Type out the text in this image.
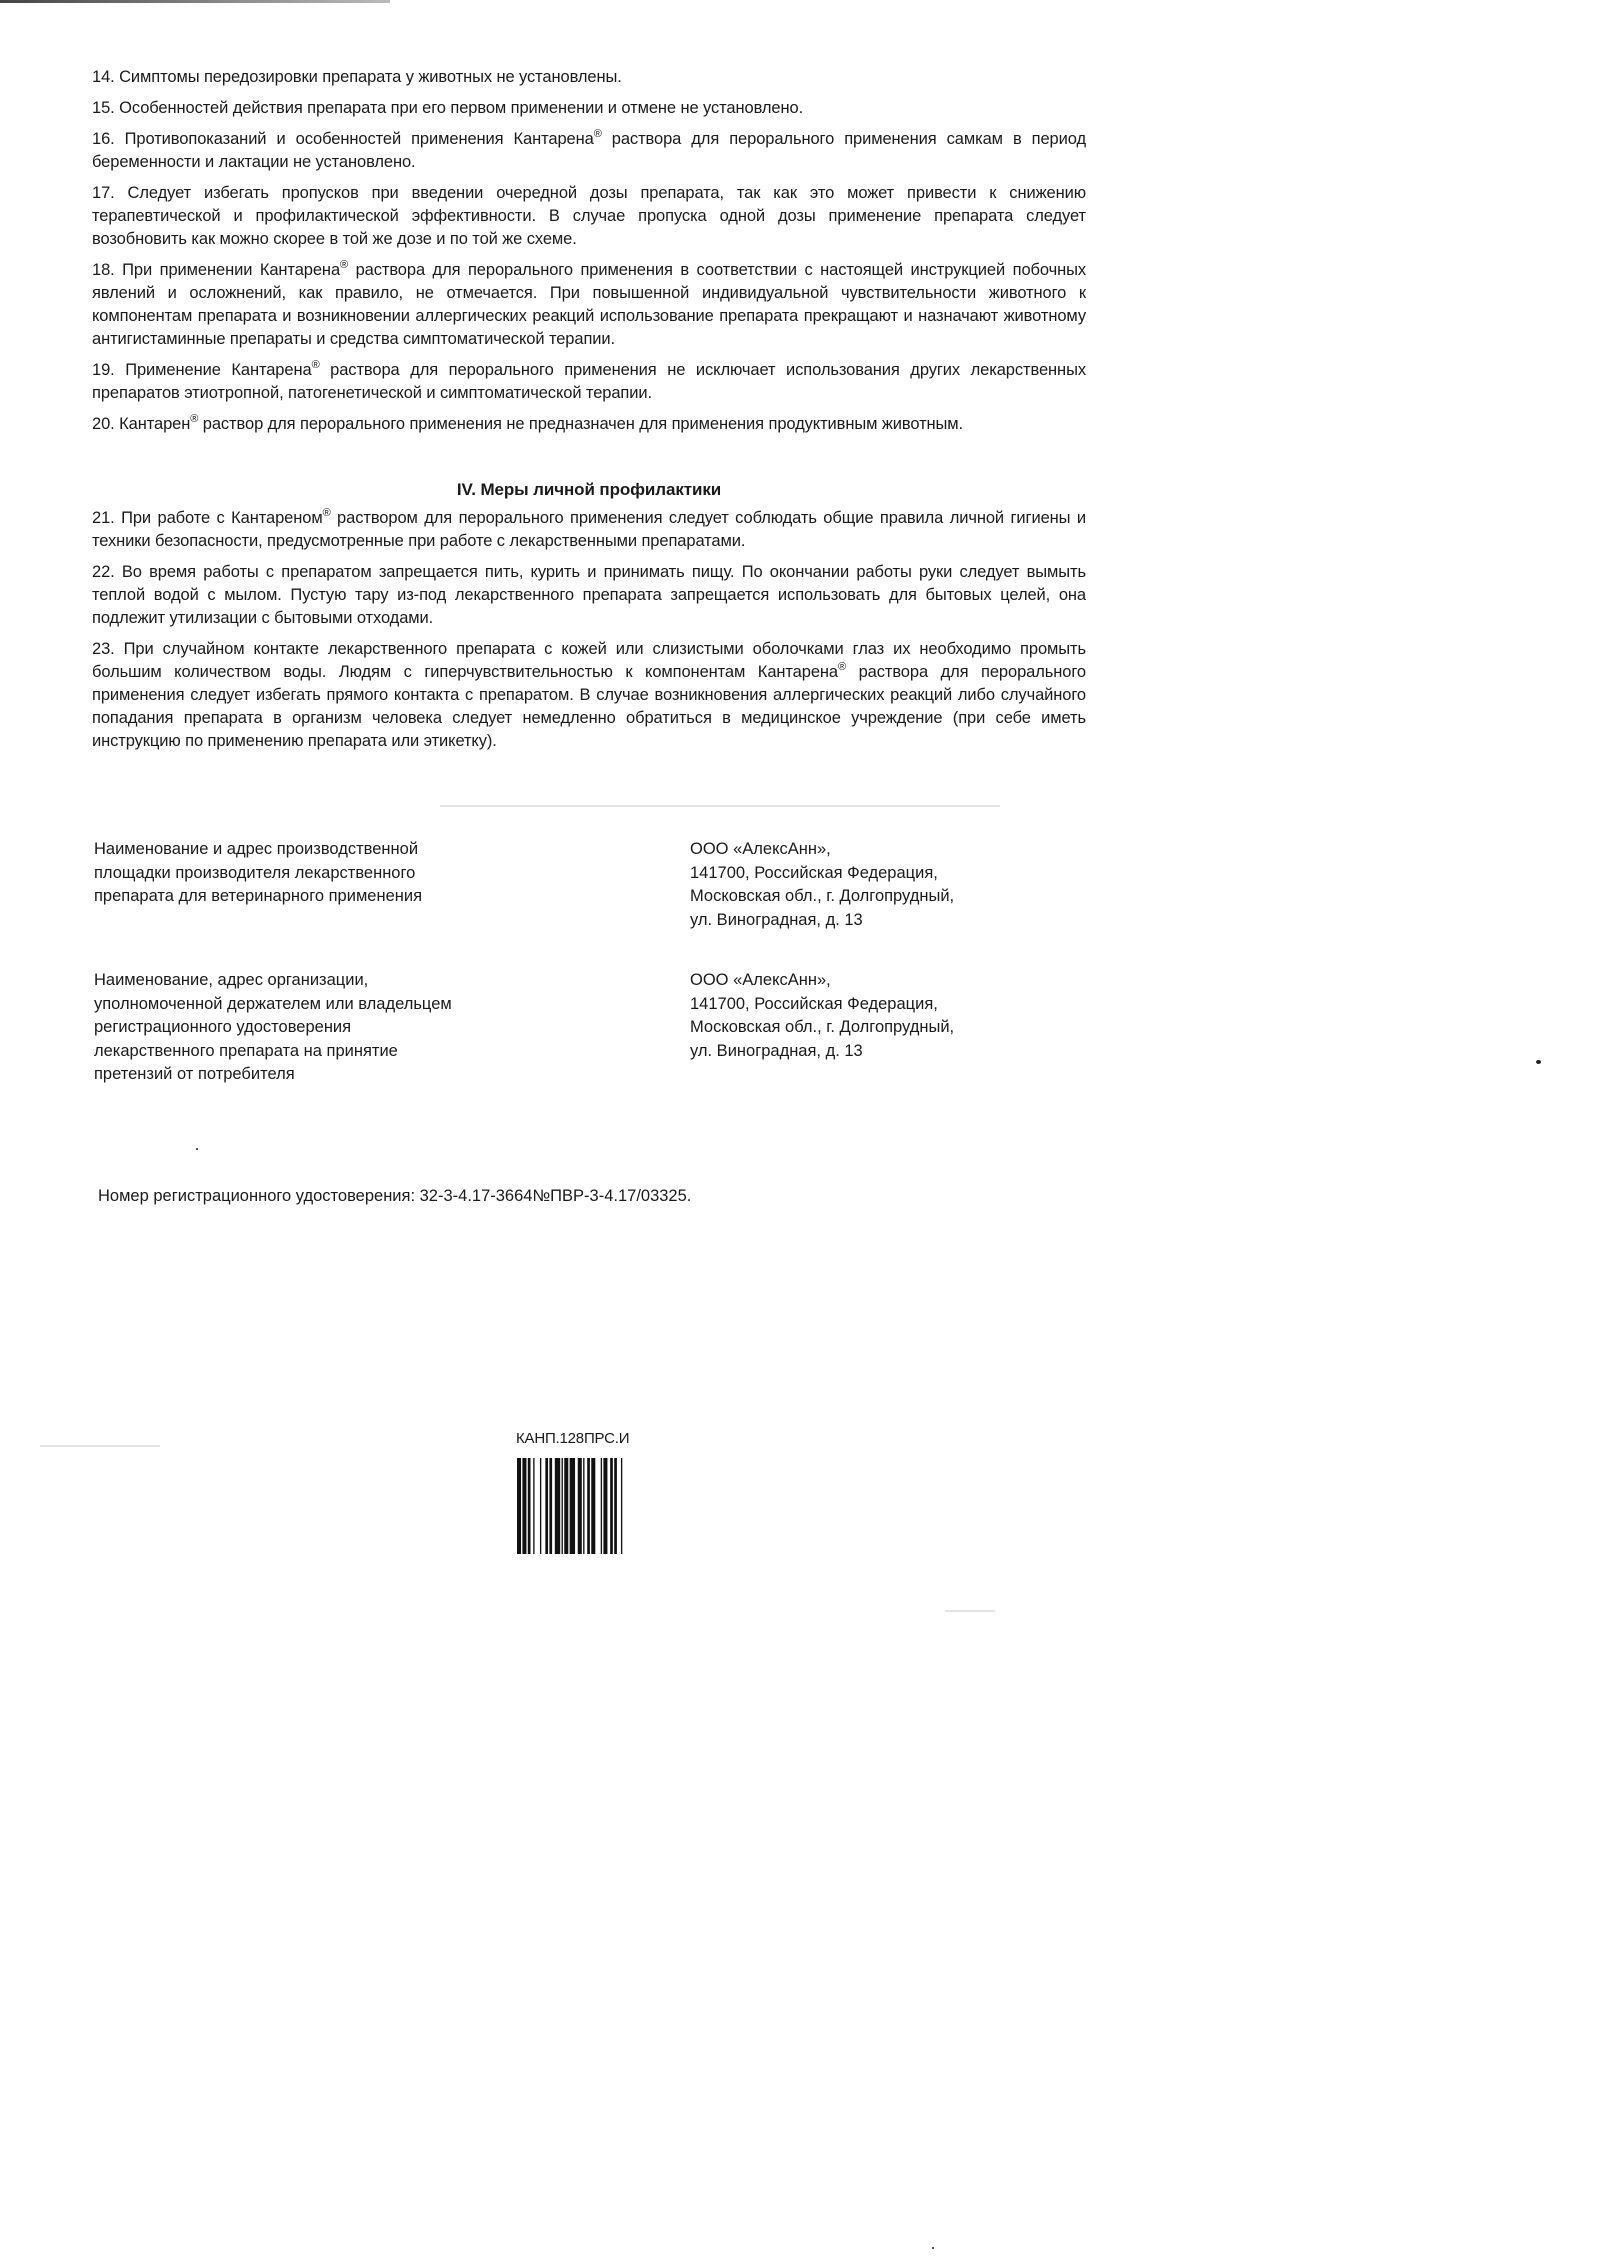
14. Симптомы передозировки препарата у животных не установлены.

15. Особенностей действия препарата при его первом применении и отмене не установлено.

16. Противопоказаний и особенностей применения Кантарена® раствора для перорального применения самкам в период беременности и лактации не установлено.

17. Следует избегать пропусков при введении очередной дозы препарата, так как это может привести к снижению терапевтической и профилактической эффективности. В случае пропуска одной дозы применение препарата следует возобновить как можно скорее в той же дозе и по той же схеме.

18. При применении Кантарена® раствора для перорального применения в соответствии с настоящей инструкцией побочных явлений и осложнений, как правило, не отмечается. При повышенной индивидуальной чувствительности животного к компонентам препарата и возникновении аллергических реакций использование препарата прекращают и назначают животному антигистаминные препараты и средства симптоматической терапии.

19. Применение Кантарена® раствора для перорального применения не исключает использования других лекарственных препаратов этиотропной, патогенетической и симптоматической терапии.

20. Кантарен® раствор для перорального применения не предназначен для применения продуктивным животным.

IV. Меры личной профилактики

21. При работе с Кантареном® раствором для перорального применения следует соблюдать общие правила личной гигиены и техники безопасности, предусмотренные при работе с лекарственными препаратами.

22. Во время работы с препаратом запрещается пить, курить и принимать пищу. По окончании работы руки следует вымыть теплой водой с мылом. Пустую тару из-под лекарственного препарата запрещается использовать для бытовых целей, она подлежит утилизации с бытовыми отходами.

23. При случайном контакте лекарственного препарата с кожей или слизистыми оболочками глаз их необходимо промыть большим количеством воды. Людям с гиперчувствительностью к компонентам Кантарена® раствора для перорального применения следует избегать прямого контакта с препаратом. В случае возникновения аллергических реакций либо случайного попадания препарата в организм человека следует немедленно обратиться в медицинское учреждение (при себе иметь инструкцию по применению препарата или этикетку).

Наименование и адрес производственной
площадки производителя лекарственного
препарата для ветеринарного применения
ООО «АлексАнн»,
141700, Российская Федерация,
Московская обл., г. Долгопрудный,
ул. Виноградная, д. 13
Наименование, адрес организации,
уполномоченной держателем или владельцем
регистрационного удостоверения
лекарственного препарата на принятие
претензий от потребителя
ООО «АлексАнн»,
141700, Российская Федерация,
Московская обл., г. Долгопрудный,
ул. Виноградная, д. 13
Номер регистрационного удостоверения: 32-3-4.17-3664№ПВР-3-4.17/03325.
КАНП.128ПРС.И
